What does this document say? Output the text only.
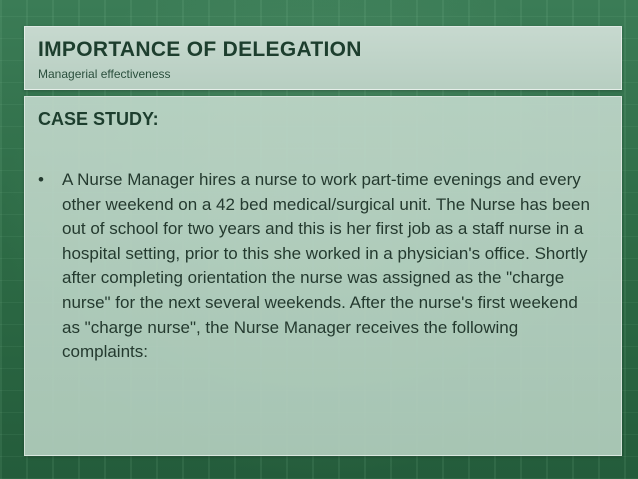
IMPORTANCE OF DELEGATION

Managerial effectiveness

CASE STUDY:
• A Nurse Manager hires a nurse to work part-time evenings and every other weekend on a 42 bed medical/surgical unit. The Nurse has been out of school for two years and this is her first job as a staff nurse in a hospital setting, prior to this she worked in a physician's office. Shortly after completing orientation the nurse was assigned as the "charge nurse" for the next several weekends. After the nurse's first weekend as "charge nurse", the Nurse Manager receives the following complaints:
